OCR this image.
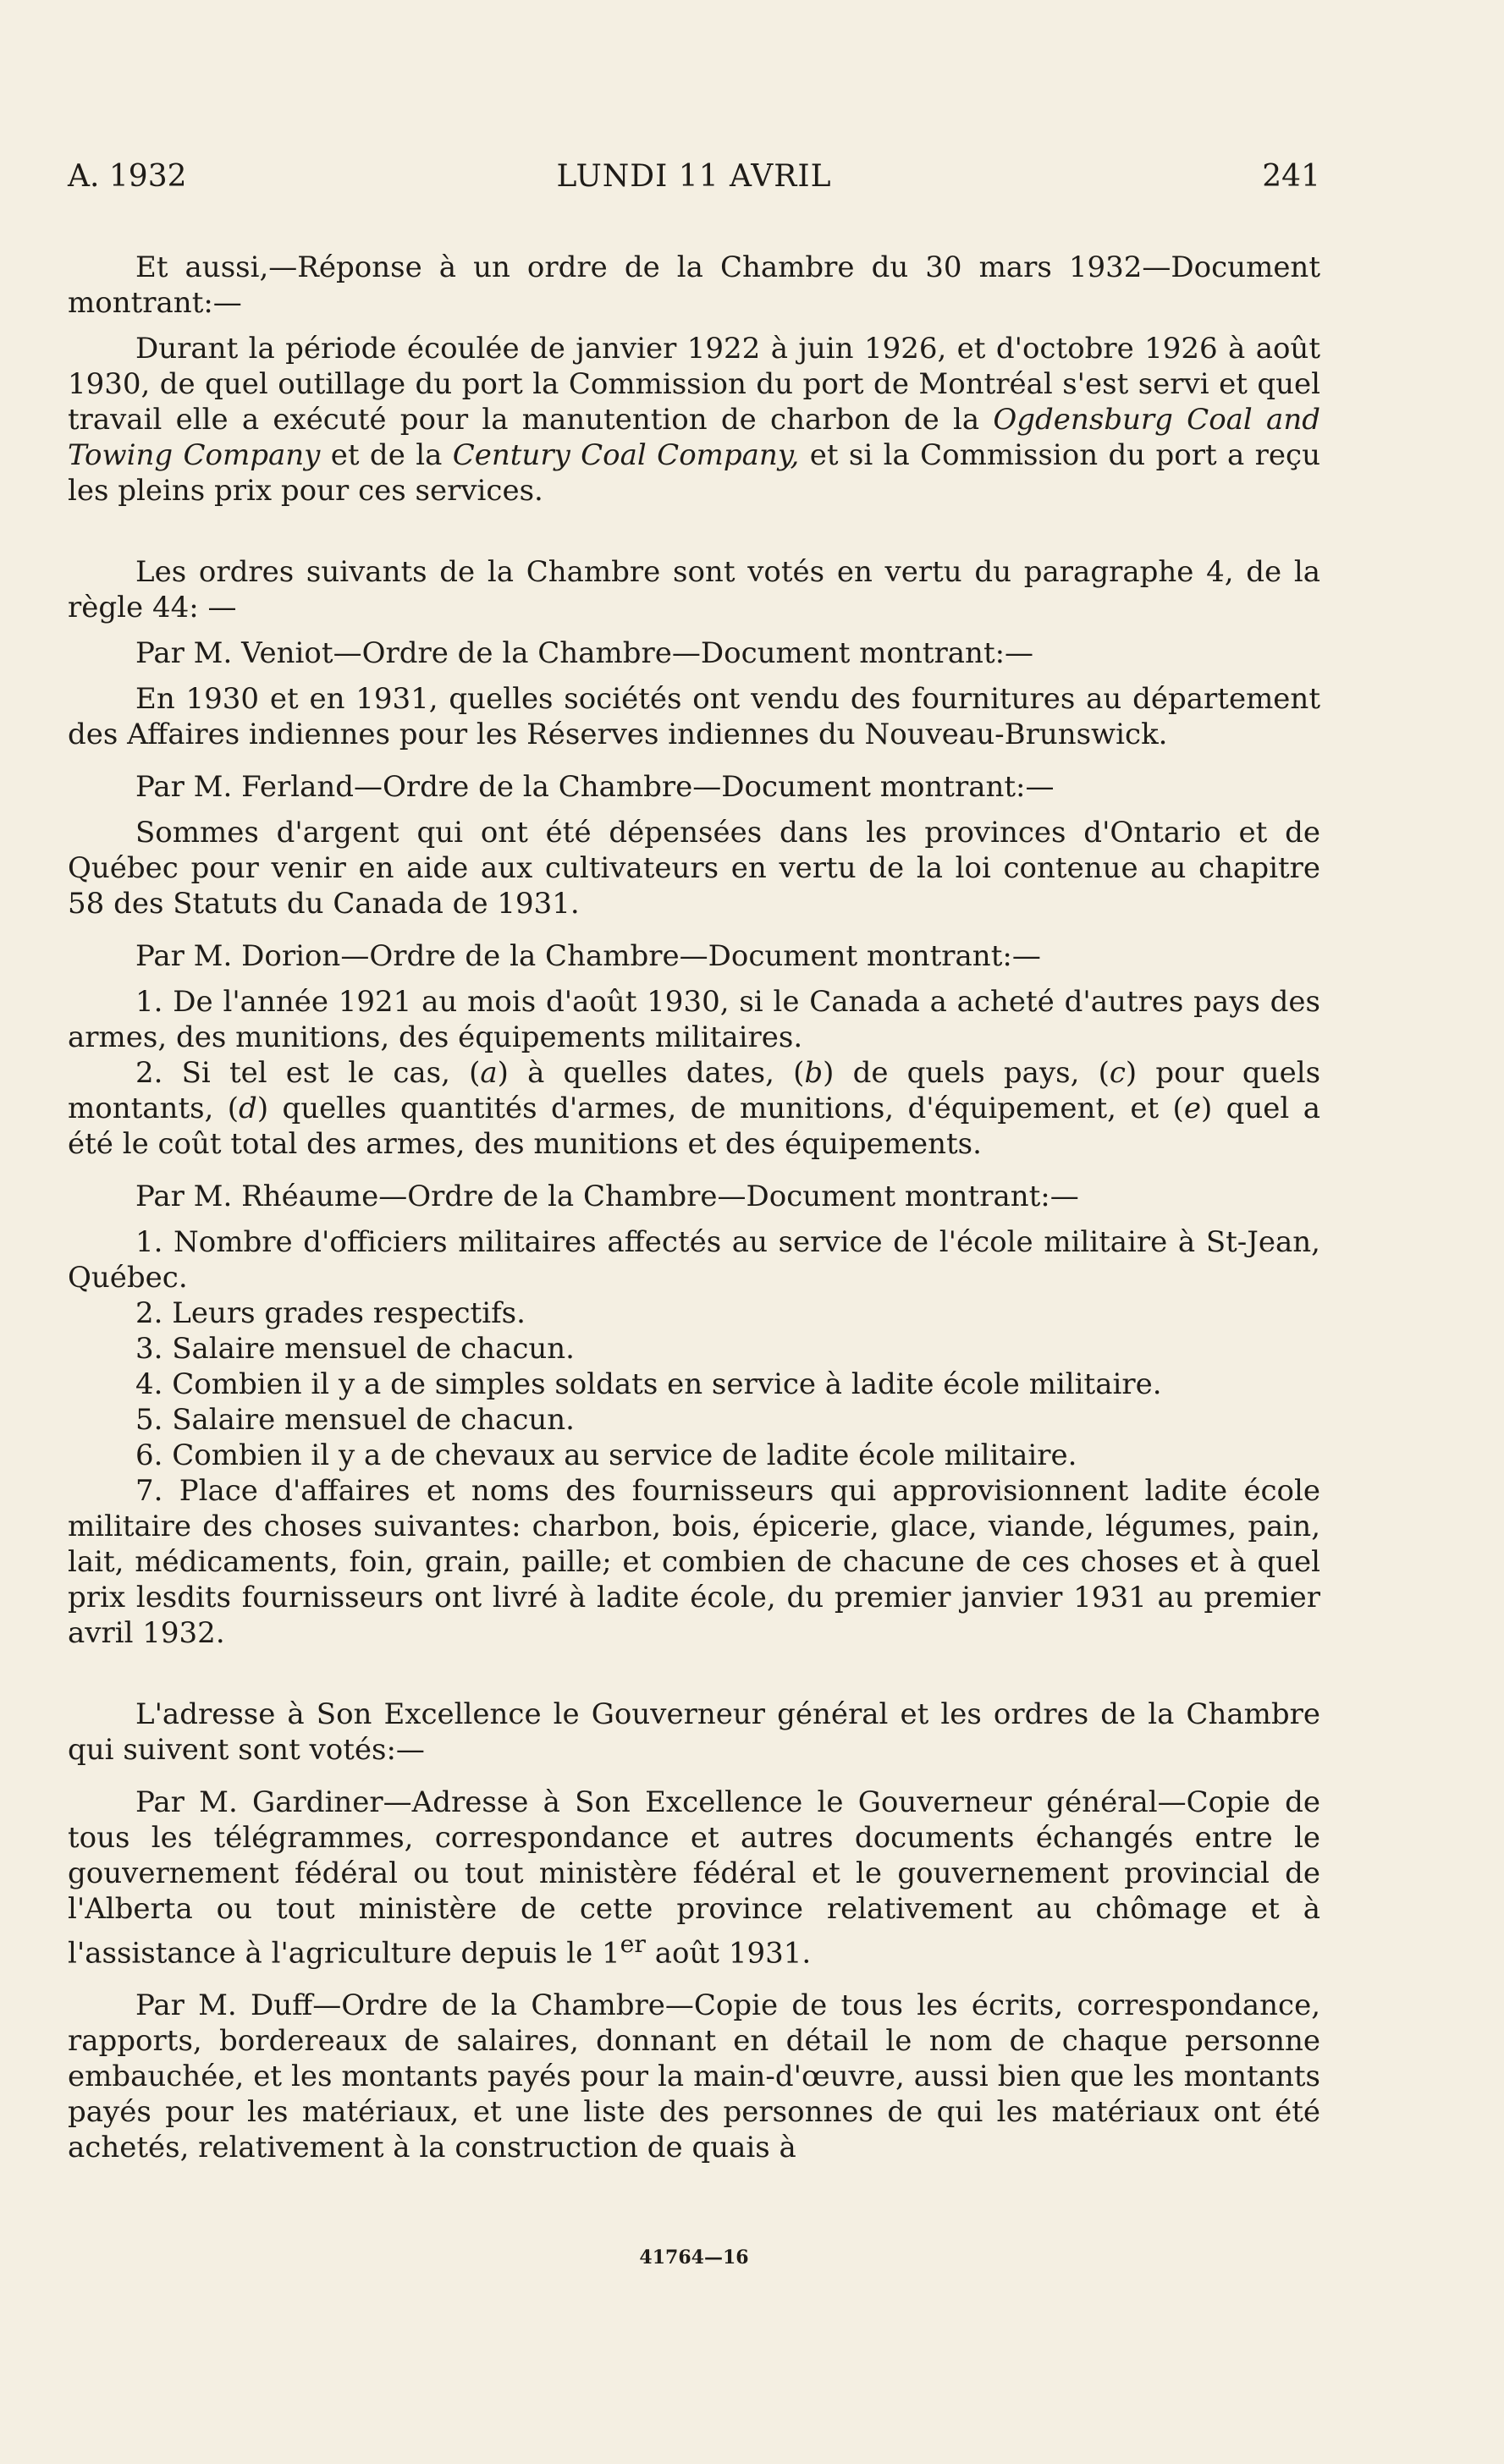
A. 1932	LUNDI 11 AVRIL	241

Et aussi,—Réponse à un ordre de la Chambre du 30 mars 1932—Document montrant:—

Durant la période écoulée de janvier 1922 à juin 1926, et d'octobre 1926 à août 1930, de quel outillage du port la Commission du port de Montréal s'est servi et quel travail elle a exécuté pour la manutention de charbon de la Ogdensburg Coal and Towing Company et de la Century Coal Company, et si la Commission du port a reçu les pleins prix pour ces services.

Les ordres suivants de la Chambre sont votés en vertu du paragraphe 4, de la règle 44: —

Par M. Veniot—Ordre de la Chambre—Document montrant:—

En 1930 et en 1931, quelles sociétés ont vendu des fournitures au département des Affaires indiennes pour les Réserves indiennes du Nouveau-Brunswick.

Par M. Ferland—Ordre de la Chambre—Document montrant:—

Sommes d'argent qui ont été dépensées dans les provinces d'Ontario et de Québec pour venir en aide aux cultivateurs en vertu de la loi contenue au chapitre 58 des Statuts du Canada de 1931.

Par M. Dorion—Ordre de la Chambre—Document montrant:—

1. De l'année 1921 au mois d'août 1930, si le Canada a acheté d'autres pays des armes, des munitions, des équipements militaires.

2. Si tel est le cas, (a) à quelles dates, (b) de quels pays, (c) pour quels montants, (d) quelles quantités d'armes, de munitions, d'équipement, et (e) quel a été le coût total des armes, des munitions et des équipements.

Par M. Rhéaume—Ordre de la Chambre—Document montrant:—

1. Nombre d'officiers militaires affectés au service de l'école militaire à St-Jean, Québec.

2. Leurs grades respectifs.

3. Salaire mensuel de chacun.

4. Combien il y a de simples soldats en service à ladite école militaire.

5. Salaire mensuel de chacun.

6. Combien il y a de chevaux au service de ladite école militaire.

7. Place d'affaires et noms des fournisseurs qui approvisionnent ladite école militaire des choses suivantes: charbon, bois, épicerie, glace, viande, légumes, pain, lait, médicaments, foin, grain, paille; et combien de chacune de ces choses et à quel prix lesdits fournisseurs ont livré à ladite école, du premier janvier 1931 au premier avril 1932.

L'adresse à Son Excellence le Gouverneur général et les ordres de la Chambre qui suivent sont votés:—

Par M. Gardiner—Adresse à Son Excellence le Gouverneur général—Copie de tous les télégrammes, correspondance et autres documents échangés entre le gouvernement fédéral ou tout ministère fédéral et le gouvernement provincial de l'Alberta ou tout ministère de cette province relativement au chômage et à l'assistance à l'agriculture depuis le 1er août 1931.

Par M. Duff—Ordre de la Chambre—Copie de tous les écrits, correspondance, rapports, bordereaux de salaires, donnant en détail le nom de chaque personne embauchée, et les montants payés pour la main-d'œuvre, aussi bien que les montants payés pour les matériaux, et une liste des personnes de qui les matériaux ont été achetés, relativement à la construction de quais à

41764—16
